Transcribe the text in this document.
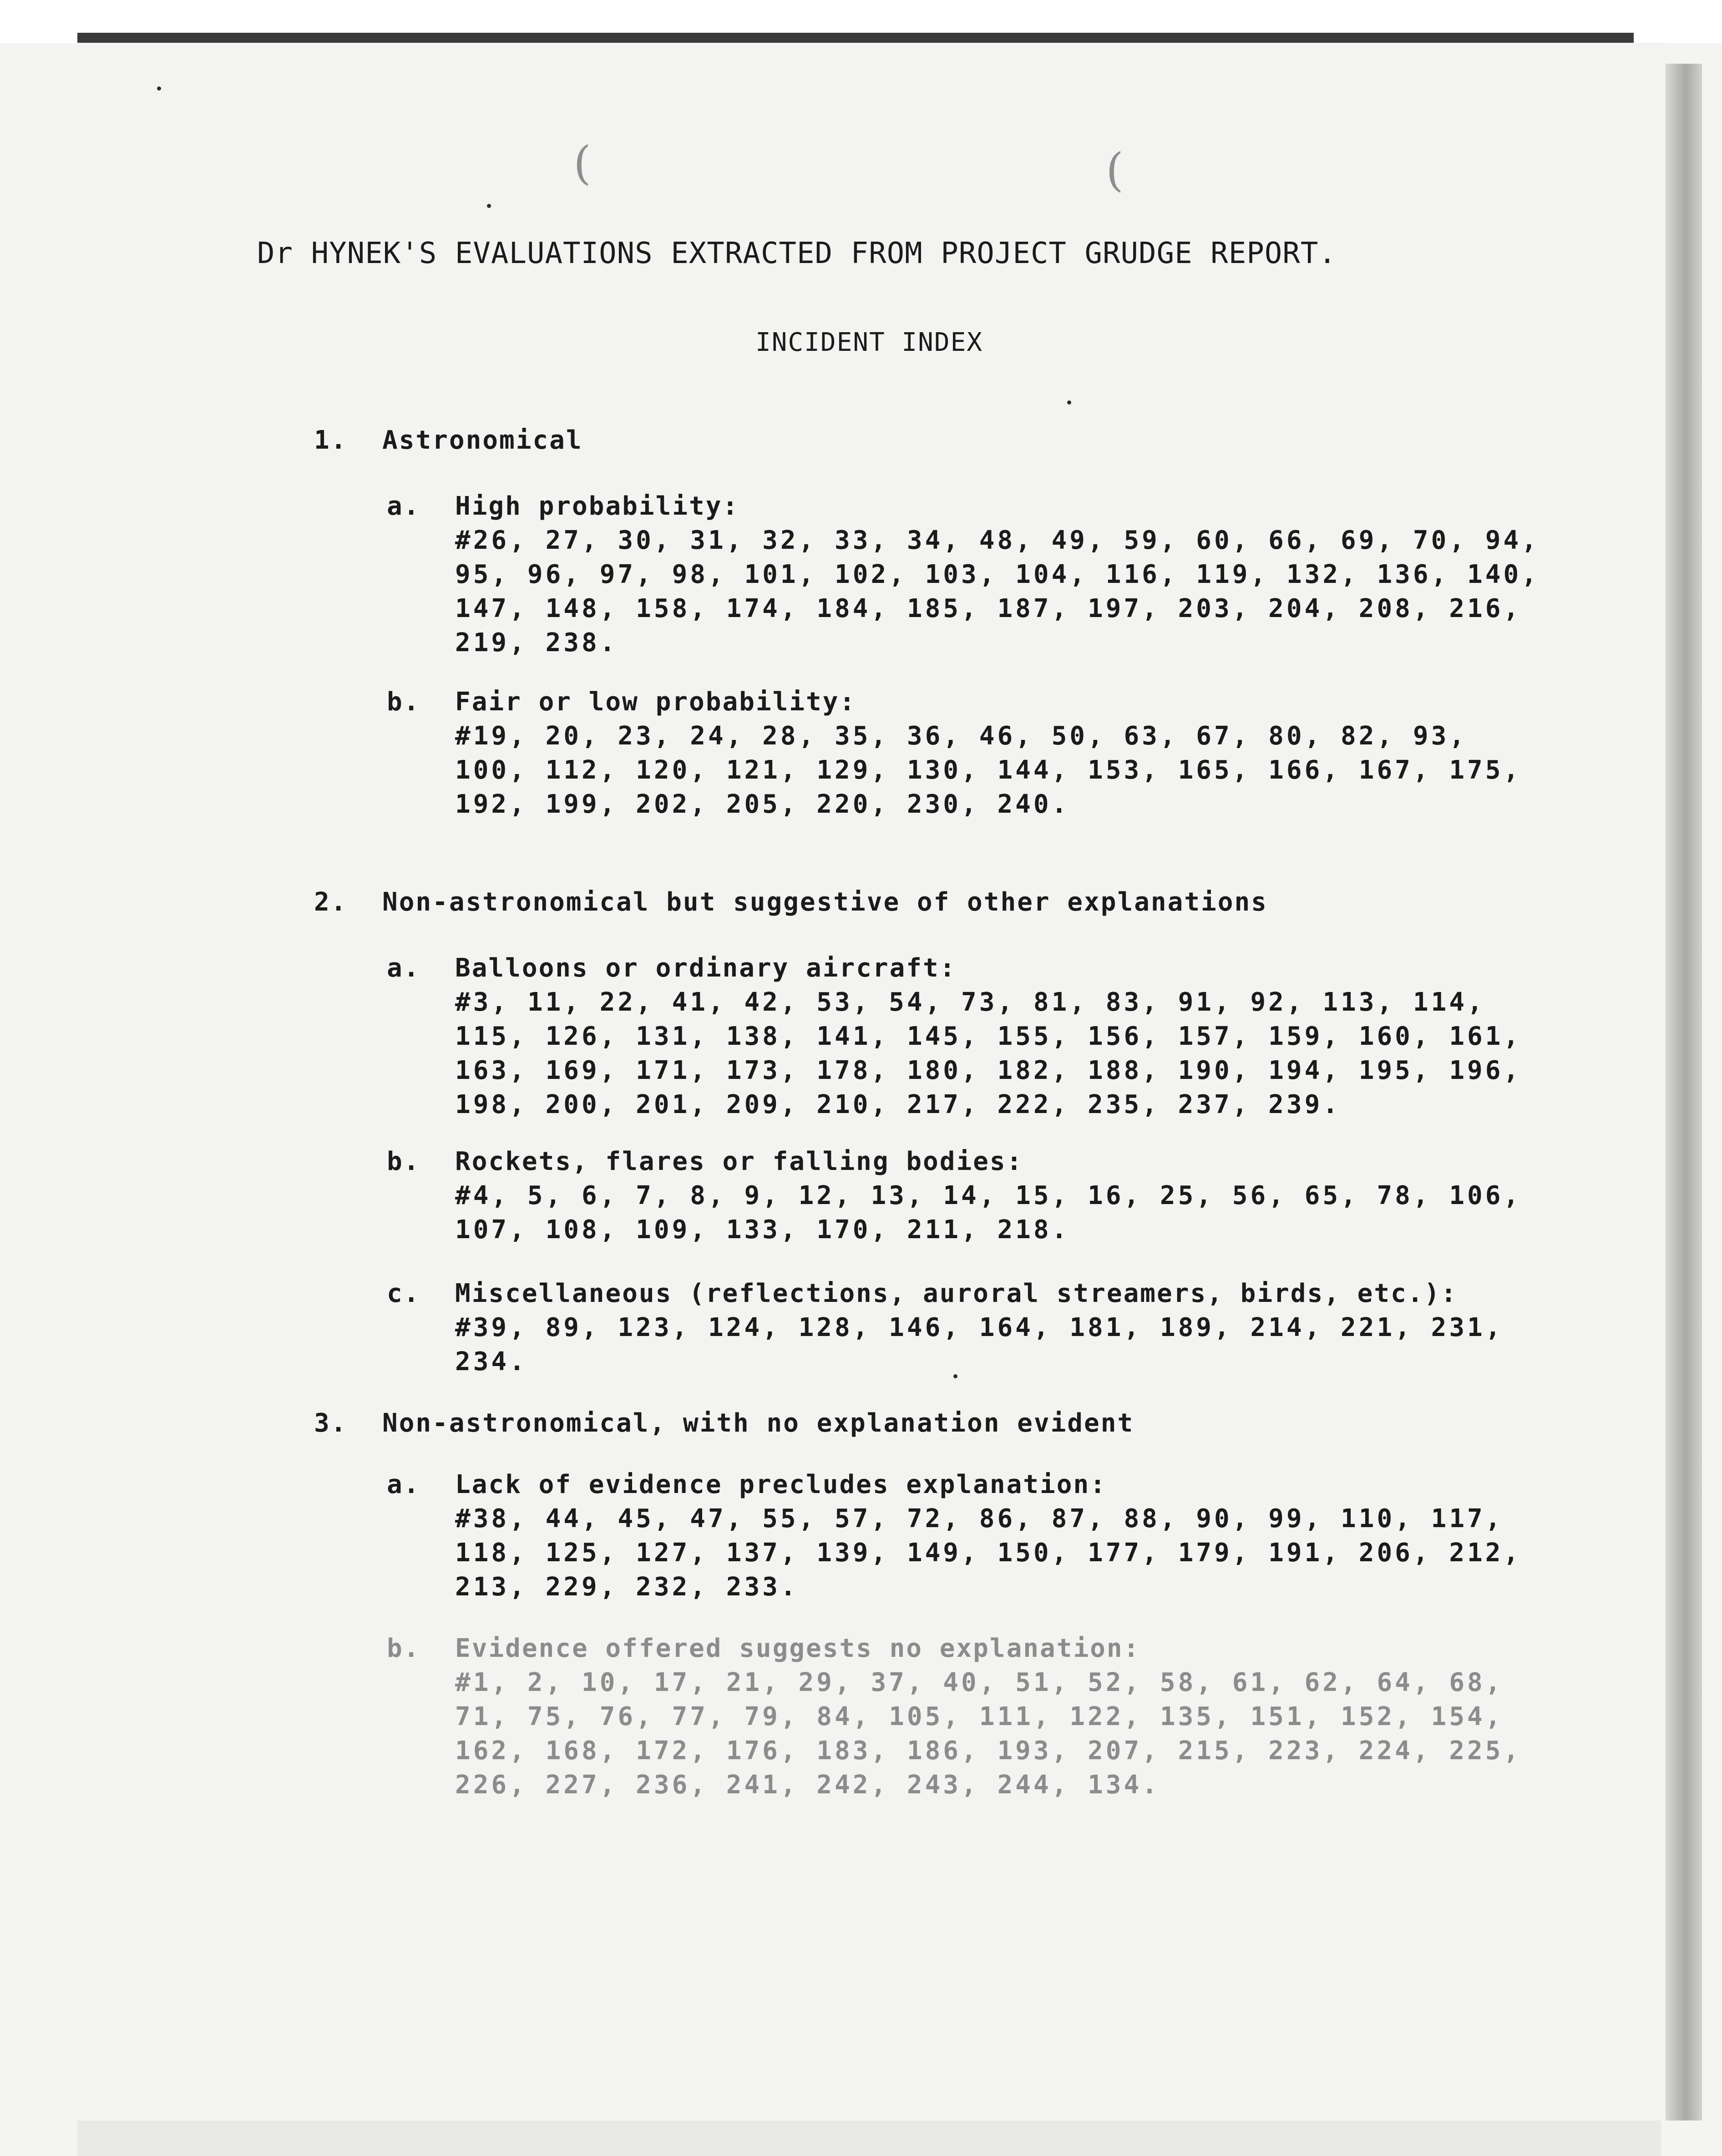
(	(
Dr HYNEK'S EVALUATIONS EXTRACTED FROM PROJECT GRUDGE REPORT.
INCIDENT INDEX
1. Astronomical
a. High probability:
#26, 27, 30, 31, 32, 33, 34, 48, 49, 59, 60, 66, 69, 70, 94, 95, 96, 97, 98, 101, 102, 103, 104, 116, 119, 132, 136, 140, 147, 148, 158, 174, 184, 185, 187, 197, 203, 204, 208, 216, 219, 238.
b. Fair or low probability:
#19, 20, 23, 24, 28, 35, 36, 46, 50, 63, 67, 80, 82, 93, 100, 112, 120, 121, 129, 130, 144, 153, 165, 166, 167, 175, 192, 199, 202, 205, 220, 230, 240.
2. Non-astronomical but suggestive of other explanations
a. Balloons or ordinary aircraft:
#3, 11, 22, 41, 42, 53, 54, 73, 81, 83, 91, 92, 113, 114, 115, 126, 131, 138, 141, 145, 155, 156, 157, 159, 160, 161, 163, 169, 171, 173, 178, 180, 182, 188, 190, 194, 195, 196, 198, 200, 201, 209, 210, 217, 222, 235, 237, 239.
b. Rockets, flares or falling bodies:
#4, 5, 6, 7, 8, 9, 12, 13, 14, 15, 16, 25, 56, 65, 78, 106, 107, 108, 109, 133, 170, 211, 218.
c. Miscellaneous (reflections, auroral streamers, birds, etc.):
#39, 89, 123, 124, 128, 146, 164, 181, 189, 214, 221, 231, 234.
3. Non-astronomical, with no explanation evident
a. Lack of evidence precludes explanation:
#38, 44, 45, 47, 55, 57, 72, 86, 87, 88, 90, 99, 110, 117, 118, 125, 127, 137, 139, 149, 150, 177, 179, 191, 206, 212, 213, 229, 232, 233.
b. Evidence offered suggests no explanation:
#1, 2, 10, 17, 21, 29, 37, 40, 51, 52, 58, 61, 62, 64, 68, 71, 75, 76, 77, 79, 84, 105, 111, 122, 135, 151, 152, 154, 162, 168, 172, 176, 183, 186, 193, 207, 215, 223, 224, 225, 226, 227, 236, 241, 242, 243, 244, 134.
